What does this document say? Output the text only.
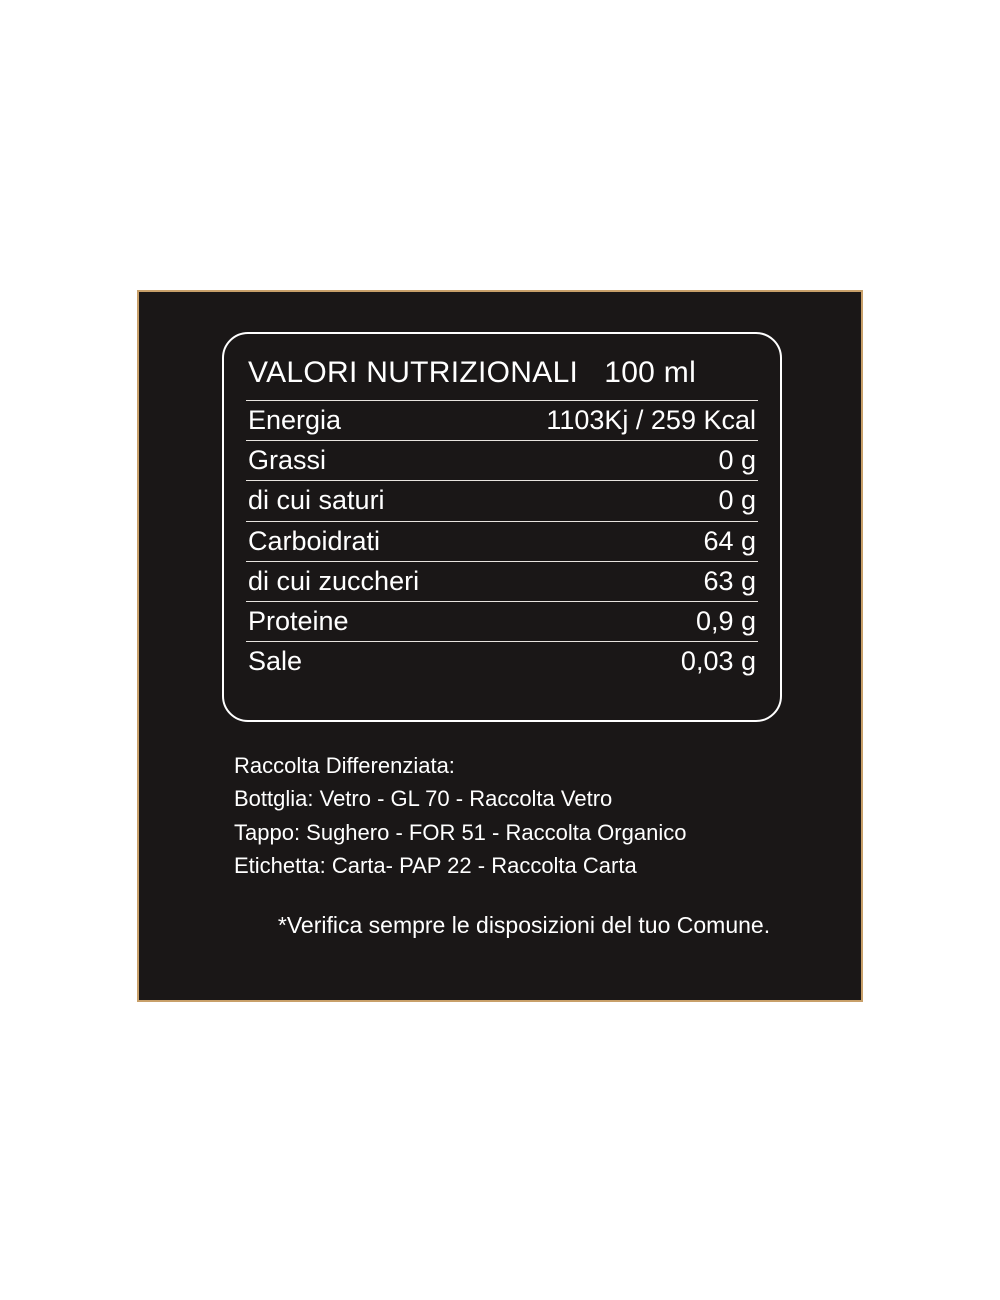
VALORI NUTRIZIONALI 100 ml
Energia	1103Kj / 259 Kcal
Grassi	0 g
di cui saturi	0 g
Carboidrati	64 g
di cui zuccheri	63 g
Proteine	0,9 g
Sale	0,03 g
Raccolta Differenziata:
Bottglia: Vetro - GL 70 - Raccolta Vetro
Tappo: Sughero - FOR 51 - Raccolta Organico
Etichetta: Carta- PAP 22 - Raccolta Carta
*Verifica sempre le disposizioni del tuo Comune.
